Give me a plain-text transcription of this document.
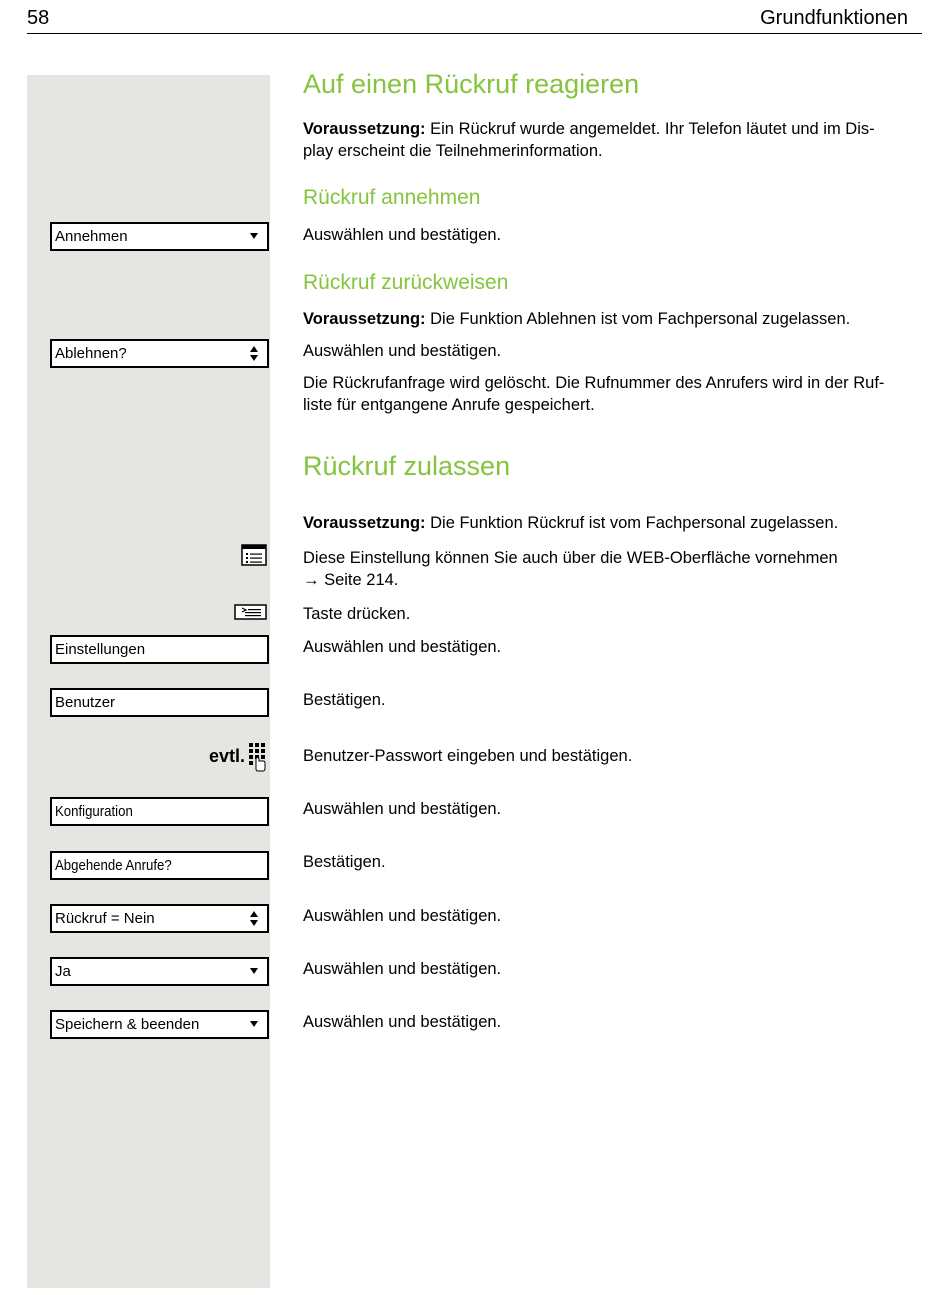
58	Grundfunktionen
Auf einen Rückruf reagieren
Voraussetzung: Ein Rückruf wurde angemeldet. Ihr Telefon läutet und im Dis-
play erscheint die Teilnehmerinformation.
Rückruf annehmen
Annehmen	Auswählen und bestätigen.
Rückruf zurückweisen
Voraussetzung: Die Funktion Ablehnen ist vom Fachpersonal zugelassen.
Ablehnen?	Auswählen und bestätigen.
Die Rückrufanfrage wird gelöscht. Die Rufnummer des Anrufers wird in der Ruf-
liste für entgangene Anrufe gespeichert.
Rückruf zulassen
Voraussetzung: Die Funktion Rückruf ist vom Fachpersonal zugelassen.
Diese Einstellung können Sie auch über die WEB-Oberfläche vornehmen
→ Seite 214.
Taste drücken.
Einstellungen	Auswählen und bestätigen.
Benutzer	Bestätigen.
evtl.	Benutzer-Passwort eingeben und bestätigen.
Konfiguration	Auswählen und bestätigen.
Abgehende Anrufe?	Bestätigen.
Rückruf = Nein	Auswählen und bestätigen.
Ja	Auswählen und bestätigen.
Speichern & beenden	Auswählen und bestätigen.
